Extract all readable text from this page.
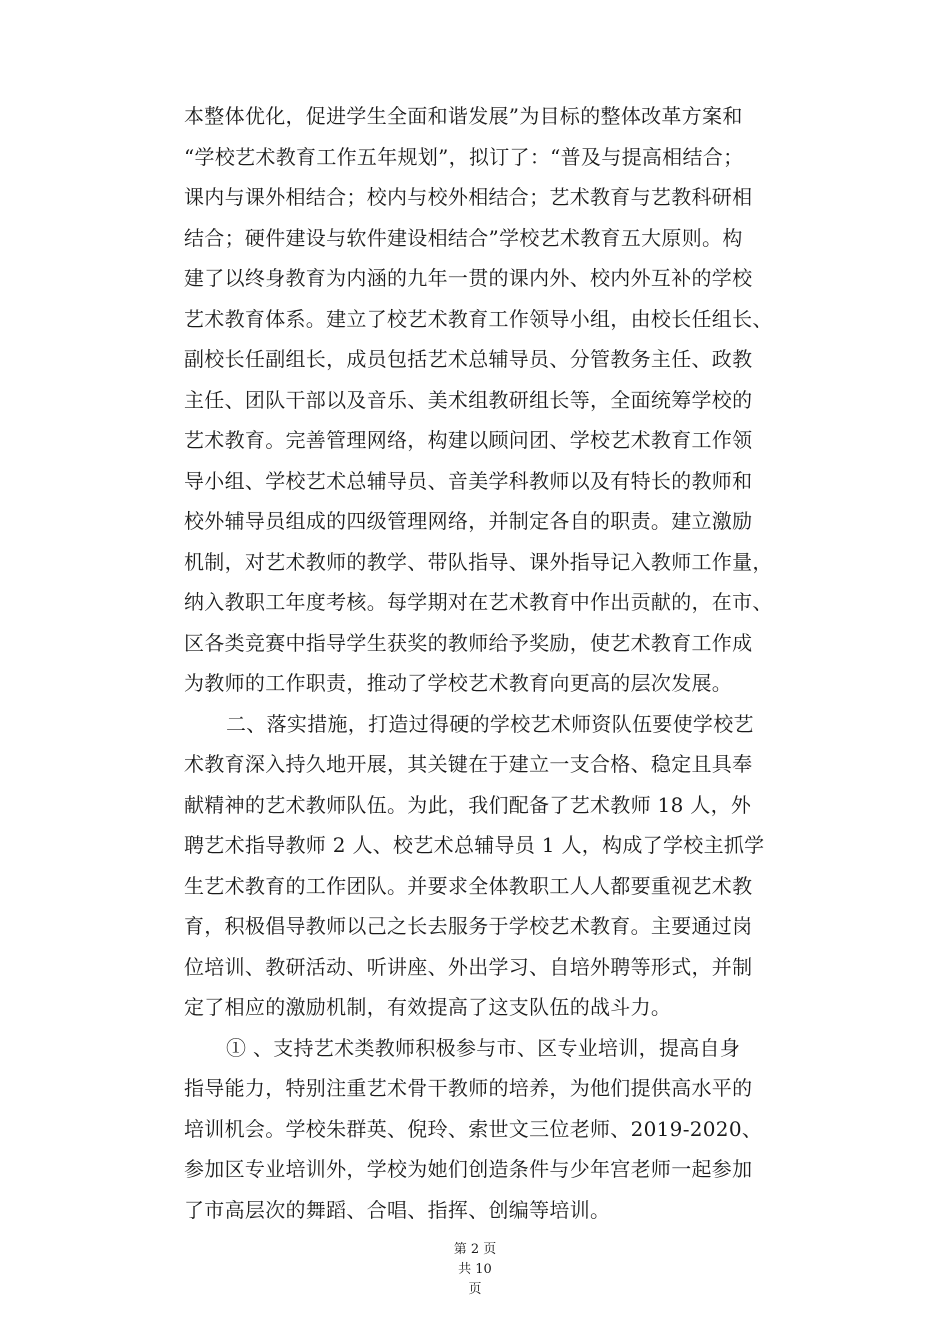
本整体优化，促进学生全面和谐发展”为目标的整体改革方案和
“学校艺术教育工作五年规划”，拟订了：“普及与提高相结合；
课内与课外相结合；校内与校外相结合；艺术教育与艺教科研相
结合；硬件建设与软件建设相结合”学校艺术教育五大原则。构
建了以终身教育为内涵的九年一贯的课内外、校内外互补的学校
艺术教育体系。建立了校艺术教育工作领导小组，由校长任组长、
副校长任副组长，成员包括艺术总辅导员、分管教务主任、政教
主任、团队干部以及音乐、美术组教研组长等，全面统筹学校的
艺术教育。完善管理网络，构建以顾问团、学校艺术教育工作领
导小组、学校艺术总辅导员、音美学科教师以及有特长的教师和
校外辅导员组成的四级管理网络，并制定各自的职责。建立激励
机制，对艺术教师的教学、带队指导、课外指导记入教师工作量，
纳入教职工年度考核。每学期对在艺术教育中作出贡献的，在市、
区各类竞赛中指导学生获奖的教师给予奖励，使艺术教育工作成
为教师的工作职责，推动了学校艺术教育向更高的层次发展。
二、落实措施，打造过得硬的学校艺术师资队伍要使学校艺
术教育深入持久地开展，其关键在于建立一支合格、稳定且具奉
献精神的艺术教师队伍。为此，我们配备了艺术教师 18 人，外
聘艺术指导教师 2 人、校艺术总辅导员 1 人，构成了学校主抓学
生艺术教育的工作团队。并要求全体教职工人人都要重视艺术教
育，积极倡导教师以己之长去服务于学校艺术教育。主要通过岗
位培训、教研活动、听讲座、外出学习、自培外聘等形式，并制
定了相应的激励机制，有效提高了这支队伍的战斗力。
① 、支持艺术类教师积极参与市、区专业培训，提高自身
指导能力，特别注重艺术骨干教师的培养，为他们提供高水平的
培训机会。学校朱群英、倪玲、索世文三位老师、2019-2020、
参加区专业培训外，学校为她们创造条件与少年宫老师一起参加
了市高层次的舞蹈、合唱、指挥、创编等培训。
第 2 页
共 10
页
